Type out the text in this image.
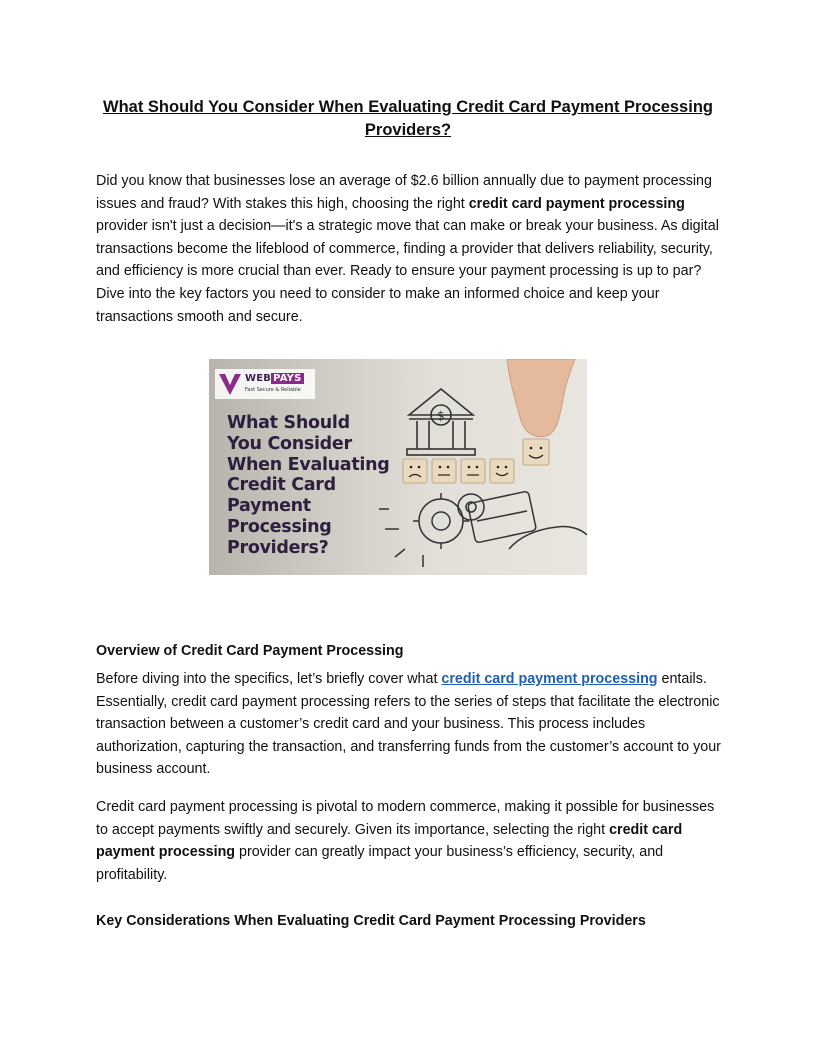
What Should You Consider When Evaluating Credit Card Payment Processing Providers?

Did you know that businesses lose an average of $2.6 billion annually due to payment processing issues and fraud? With stakes this high, choosing the right credit card payment processing provider isn't just a decision—it's a strategic move that can make or break your business. As digital transactions become the lifeblood of commerce, finding a provider that delivers reliability, security, and efficiency is more crucial than ever. Ready to ensure your payment processing is up to par? Dive into the key factors you need to consider to make an informed choice and keep your transactions smooth and secure.

$
WEB PAYS
Fast Secure & Reliable
What Should
You Consider
When Evaluating
Credit Card
Payment
Processing
Providers?
Overview of Credit Card Payment Processing

Before diving into the specifics, let’s briefly cover what credit card payment processing entails. Essentially, credit card payment processing refers to the series of steps that facilitate the electronic transaction between a customer’s credit card and your business. This process includes authorization, capturing the transaction, and transferring funds from the customer’s account to your business account.

Credit card payment processing is pivotal to modern commerce, making it possible for businesses to accept payments swiftly and securely. Given its importance, selecting the right credit card payment processing provider can greatly impact your business’s efficiency, security, and profitability.

Key Considerations When Evaluating Credit Card Payment Processing Providers
